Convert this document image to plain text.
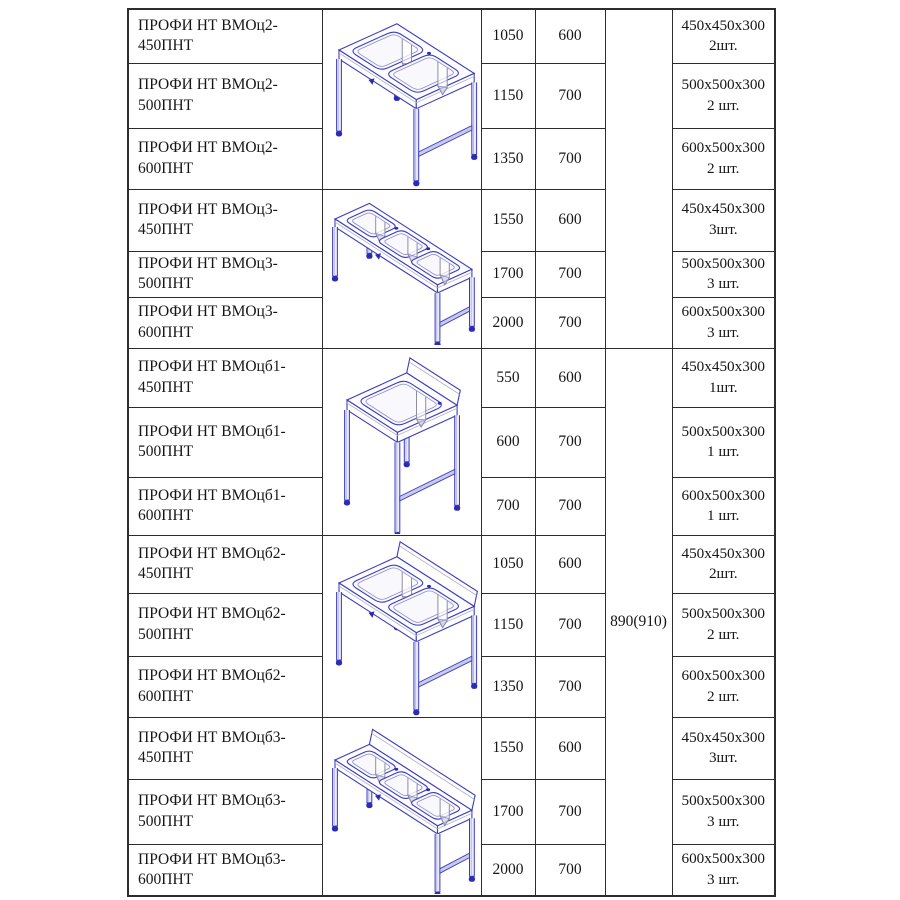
ПРОФИ НТ ВМОц2-450ПНТ		1050	600		450x450x300
2шт.

ПРОФИ НТ ВМОц2-500ПНТ		1150	700		500x500x300
2 шт.

ПРОФИ НТ ВМОц2-600ПНТ		1350	700		600x500x300
2 шт.

ПРОФИ НТ ВМОц3-450ПНТ		1550	600		450x450x300
3шт.

ПРОФИ НТ ВМОц3-500ПНТ		1700	700		500x500x300
3 шт.

ПРОФИ НТ ВМОц3-600ПНТ		2000	700		600x500x300
3 шт.

ПРОФИ НТ ВМОцб1-450ПНТ		550	600	890(910)	450x450x300
1шт.

ПРОФИ НТ ВМОцб1-500ПНТ		600	700		500x500x300
1 шт.

ПРОФИ НТ ВМОцб1-600ПНТ		700	700		600x500x300
1 шт.

ПРОФИ НТ ВМОцб2-450ПНТ		1050	600		450x450x300
2шт.

ПРОФИ НТ ВМОцб2-500ПНТ		1150	700		500x500x300
2 шт.

ПРОФИ НТ ВМОцб2-600ПНТ		1350	700		600x500x300
2 шт.

ПРОФИ НТ ВМОцб3-450ПНТ		1550	600		450x450x300
3шт.

ПРОФИ НТ ВМОцб3-500ПНТ		1700	700		500x500x300
3 шт.

ПРОФИ НТ ВМОцб3-600ПНТ		2000	700		600x500x300
3 шт.
